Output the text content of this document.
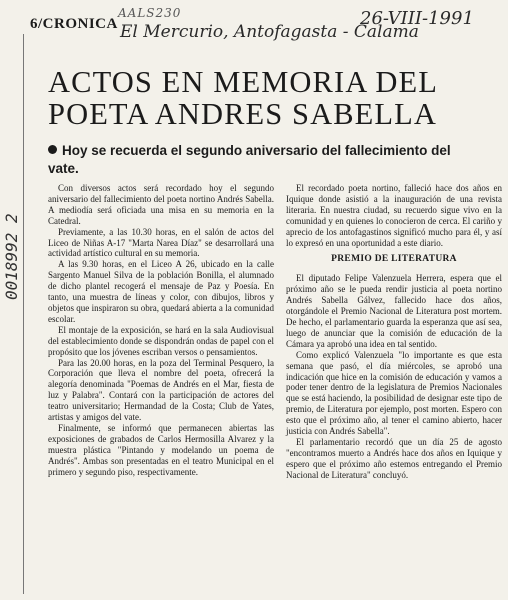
AALS230	26-VIII-1991
6/CRONICA El Mercurio, Antofagasta - Calama
0018992 2
ACTOS EN MEMORIA DEL POETA ANDRES SABELLA
Hoy se recuerda el segundo aniversario del fallecimiento del vate.

Con diversos actos será recordado hoy el segundo aniversario del fallecimiento del poeta nortino Andrés Sabella. A mediodía será oficiada una misa en su memoria en la Catedral.

Previamente, a las 10.30 horas, en el salón de actos del Liceo de Niñas A-17 "Marta Narea Díaz" se desarrollará una actividad artístico cultural en su memoria.

A las 9.30 horas, en el Liceo A 26, ubicado en la calle Sargento Manuel Silva de la población Bonilla, el alumnado de dicho plantel recogerá el mensaje de Paz y Poesía. En tanto, una muestra de líneas y color, con dibujos, libros y objetos que inspiraron su obra, quedará abierta a la comunidad escolar.

El montaje de la exposición, se hará en la sala Audiovisual del establecimiento donde se dispondrán ondas de papel con el propósito que los jóvenes escriban versos o pensamientos.

Para las 20.00 horas, en la poza del Terminal Pesquero, la Corporación que lleva el nombre del poeta, ofrecerá la alegoría denominada "Poemas de Andrés en el Mar, fiesta de luz y Palabra". Contará con la participación de actores del teatro universitario; Hermandad de la Costa; Club de Yates, artistas y amigos del vate.

Finalmente, se informó que permanecen abiertas las exposiciones de grabados de Carlos Hermosilla Alvarez y la muestra plástica "Pintando y modelando un poema de Andrés". Ambas son presentadas en el teatro Municipal en el primero y segundo piso, respectivamente.

El recordado poeta nortino, falleció hace dos años en Iquique donde asistió a la inauguración de una revista literaria. En nuestra ciudad, su recuerdo sigue vivo en la comunidad y en quienes lo conocieron de cerca. El cariño y aprecio de los antofagastinos significó mucho para él, y así lo expresó en una oportunidad a este diario.

PREMIO DE LITERATURA

El diputado Felipe Valenzuela Herrera, espera que el próximo año se le pueda rendir justicia al poeta nortino Andrés Sabella Gálvez, fallecido hace dos años, otorgándole el Premio Nacional de Literatura post mortem. De hecho, el parlamentario guarda la esperanza que así sea, luego de anunciar que la comisión de educación de la Cámara ya aprobó una idea en tal sentido.

Como explicó Valenzuela "lo importante es que esta semana que pasó, el día miércoles, se aprobó una indicación que hice en la comisión de educación y vamos a poder tener dentro de la legislatura de Premios Nacionales que se está haciendo, la posibilidad de designar este tipo de premio, de Literatura por ejemplo, post morten. Espero con esto que el próximo año, al tener el camino abierto, hacer justicia con Andrés Sabella".

El parlamentario recordó que un día 25 de agosto "encontramos muerto a Andrés hace dos años en Iquique y espero que el próximo año estemos entregando el Premio Nacional de Literatura" concluyó.
